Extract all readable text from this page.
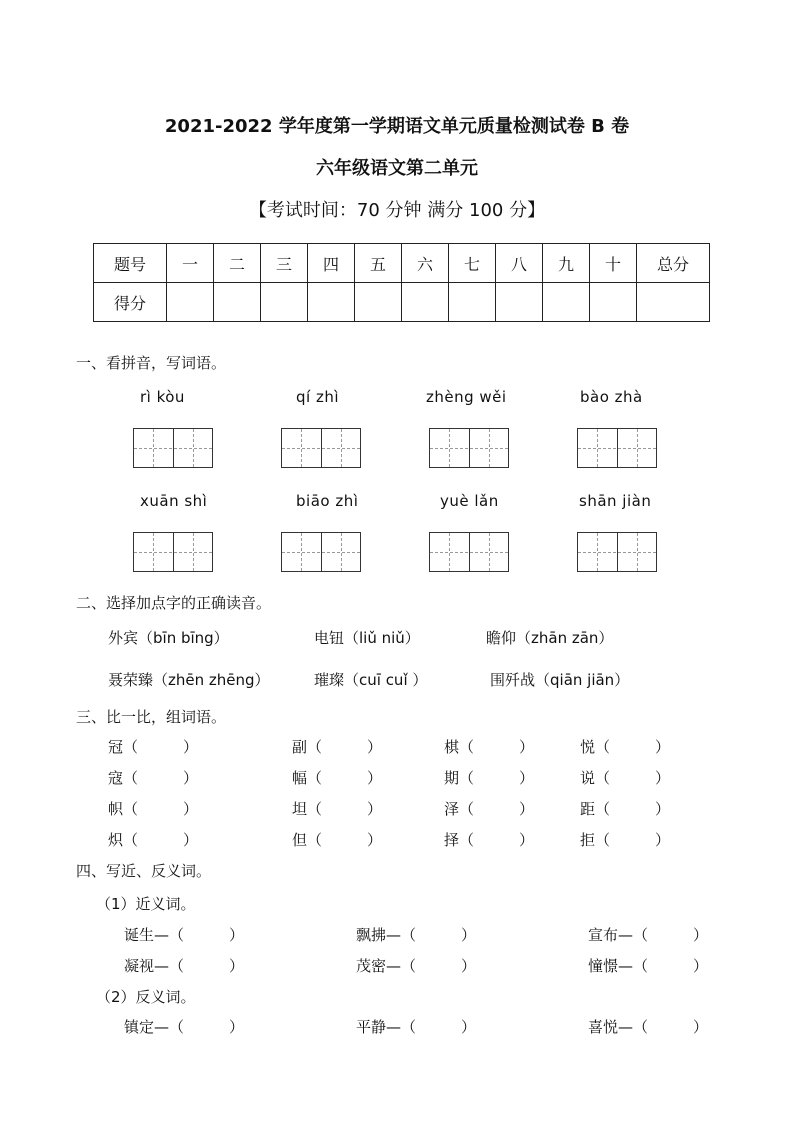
2021-2022 学年度第一学期语文单元质量检测试卷 B 卷
六年级语文第二单元
【考试时间：70 分钟 满分 100 分】
题号	一	二	三	四	五	六	七	八	九	十	总分
得分											
一、看拼音，写词语。
rì kòu	qí zhì	zhèng wěi	bào zhà
xuān shì	biāo zhì	yuè lǎn	shān jiàn
二、选择加点字的正确读音。
外宾（bīn bīng）	电钮（liǔ niǔ）	瞻仰（zhān zān）
聂荣臻（zhēn zhēng）	璀璨（cuī cuǐ ）	围歼战（qiān jiān）
三、比一比，组词语。
冠（　　　）	副（　　　）	棋（　　　）	悦（　　　）
寇（　　　）	幅（　　　）	期（　　　）	说（　　　）
帜（　　　）	坦（　　　）	泽（　　　）	距（　　　）
炽（　　　）	但（　　　）	择（　　　）	拒（　　　）
四、写近、反义词。
（1）近义词。
诞生—（　　　）	飘拂—（　　　）	宣布—（　　　）
凝视—（　　　）	茂密—（　　　）	憧憬—（　　　）
（2）反义词。
镇定—（　　　）	平静—（　　　）	喜悦—（　　　）
